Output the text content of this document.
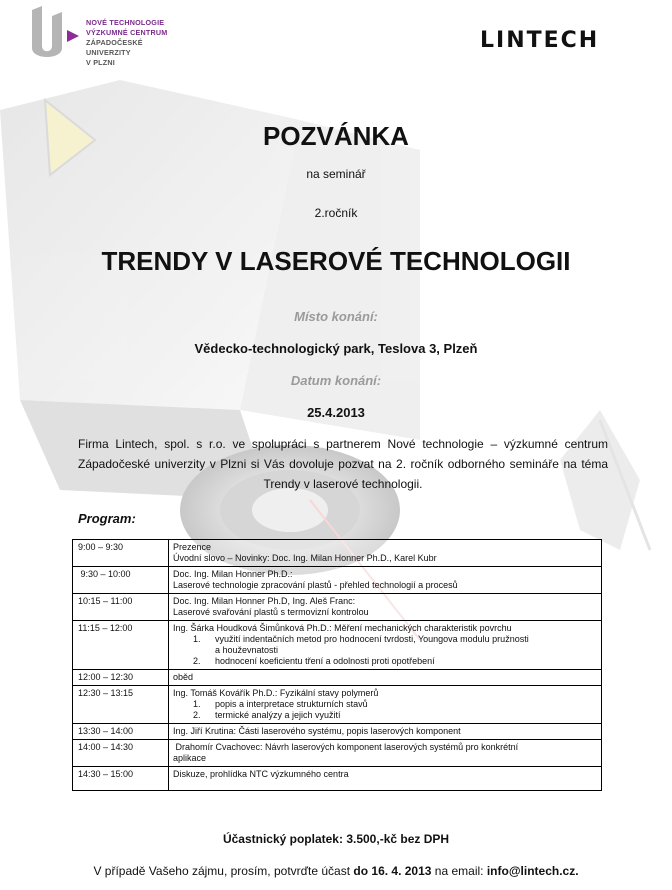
NOVÉ TECHNOLOGIE
VÝZKUMNÉ CENTRUM
ZÁPADOČESKÉ
UNIVERZITY
V PLZNI
LINTECH
POZVÁNKA
na seminář
2.ročník
TRENDY V LASEROVÉ TECHNOLOGII
Místo konání:
Vědecko-technologický park, Teslova 3, Plzeň
Datum konání:
25.4.2013
Firma Lintech, spol. s r.o. ve spolupráci s partnerem Nové technologie – výzkumné centrum Západočeské univerzity v Plzni si Vás dovoluje pozvat na 2. ročník odborného semináře na téma Trendy v laserové technologii.
Program:
9:00 – 9:30	Prezence
Úvodní slovo – Novinky: Doc. Ing. Milan Honner Ph.D., Karel Kubr

9:30 – 10:00	Doc. Ing. Milan Honner Ph.D.:
Laserové technologie zpracování plastů - přehled technologií a procesů

10:15 – 11:00	Doc. Ing. Milan Honner Ph.D, Ing. Aleš Franc:
Laserové svařování plastů s termovizní kontrolou

11:15 – 12:00	Ing. Šárka Houdková Šimůnková Ph.D.: Měření mechanických charakteristik povrchu
1. využití indentačních metod pro hodnocení tvrdosti, Youngova modulu pružnosti
a houževnatosti
2. hodnocení koeficientu tření a odolnosti proti opotřebení

12:00 – 12:30	oběd

12:30 – 13:15	Ing. Tomáš Kovářík Ph.D.: Fyzikální stavy polymerů
1. popis a interpretace strukturních stavů
2. termické analýzy a jejich využití

13:30 – 14:00	Ing. Jiří Krutina: Části laserového systému, popis laserových komponent

14:00 – 14:30	Drahomír Cvachovec: Návrh laserových komponent laserových systémů pro konkrétní
aplikace

14:30 – 15:00	Diskuze, prohlídka NTC výzkumného centra
Účastnický poplatek: 3.500,-kč bez DPH
V případě Vašeho zájmu, prosím, potvrďte účast do 16. 4. 2013 na email: info@lintech.cz.
